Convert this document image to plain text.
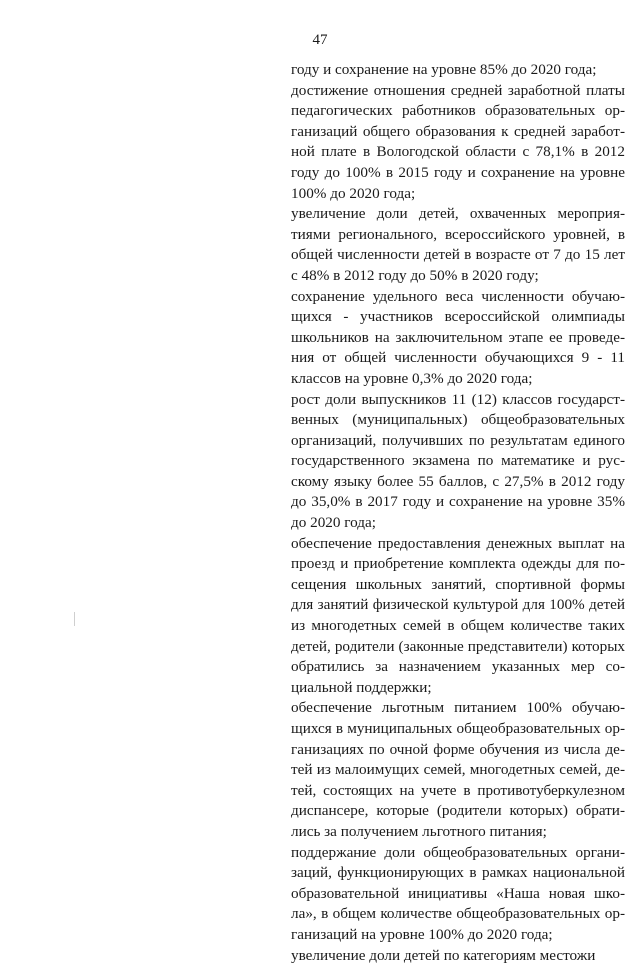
47

году и сохранение на уровне 85% до 2020 года;

достижение отношения средней заработной платы педагогических работников образовательных организаций общего образования к средней заработной плате в Вологодской области с 78,1% в 2012 году до 100% в 2015 году и сохранение на уровне 100% до 2020 года;

увеличение доли детей, охваченных мероприятиями регионального, всероссийского уровней, в общей численности детей в возрасте от 7 до 15 лет с 48% в 2012 году до 50% в 2020 году;

сохранение удельного веса численности обучающихся - участников всероссийской олимпиады школьников на заключительном этапе ее проведения от общей численности обучающихся 9 - 11 классов на уровне 0,3% до 2020 года;

рост доли выпускников 11 (12) классов государственных (муниципальных) общеобразовательных организаций, получивших по результатам единого государственного экзамена по математике и русскому языку более 55 баллов, с 27,5% в 2012 году до 35,0% в 2017 году и сохранение на уровне 35% до 2020 года;

обеспечение предоставления денежных выплат на проезд и приобретение комплекта одежды для посещения школьных занятий, спортивной формы для занятий физической культурой для 100% детей из многодетных семей в общем количестве таких детей, родители (законные представители) которых обратились за назначением указанных мер социальной поддержки;

обеспечение льготным питанием 100% обучающихся в муниципальных общеобразовательных организациях по очной форме обучения из числа детей из малоимущих семей, многодетных семей, детей, состоящих на учете в противотуберкулезном диспансере, которые (родители которых) обратились за получением льготного питания;

поддержание доли общеобразовательных организаций, функционирующих в рамках национальной образовательной инициативы «Наша новая школа», в общем количестве общеобразовательных организаций на уровне 100% до 2020 года;

увеличение доли детей по категориям местожи
